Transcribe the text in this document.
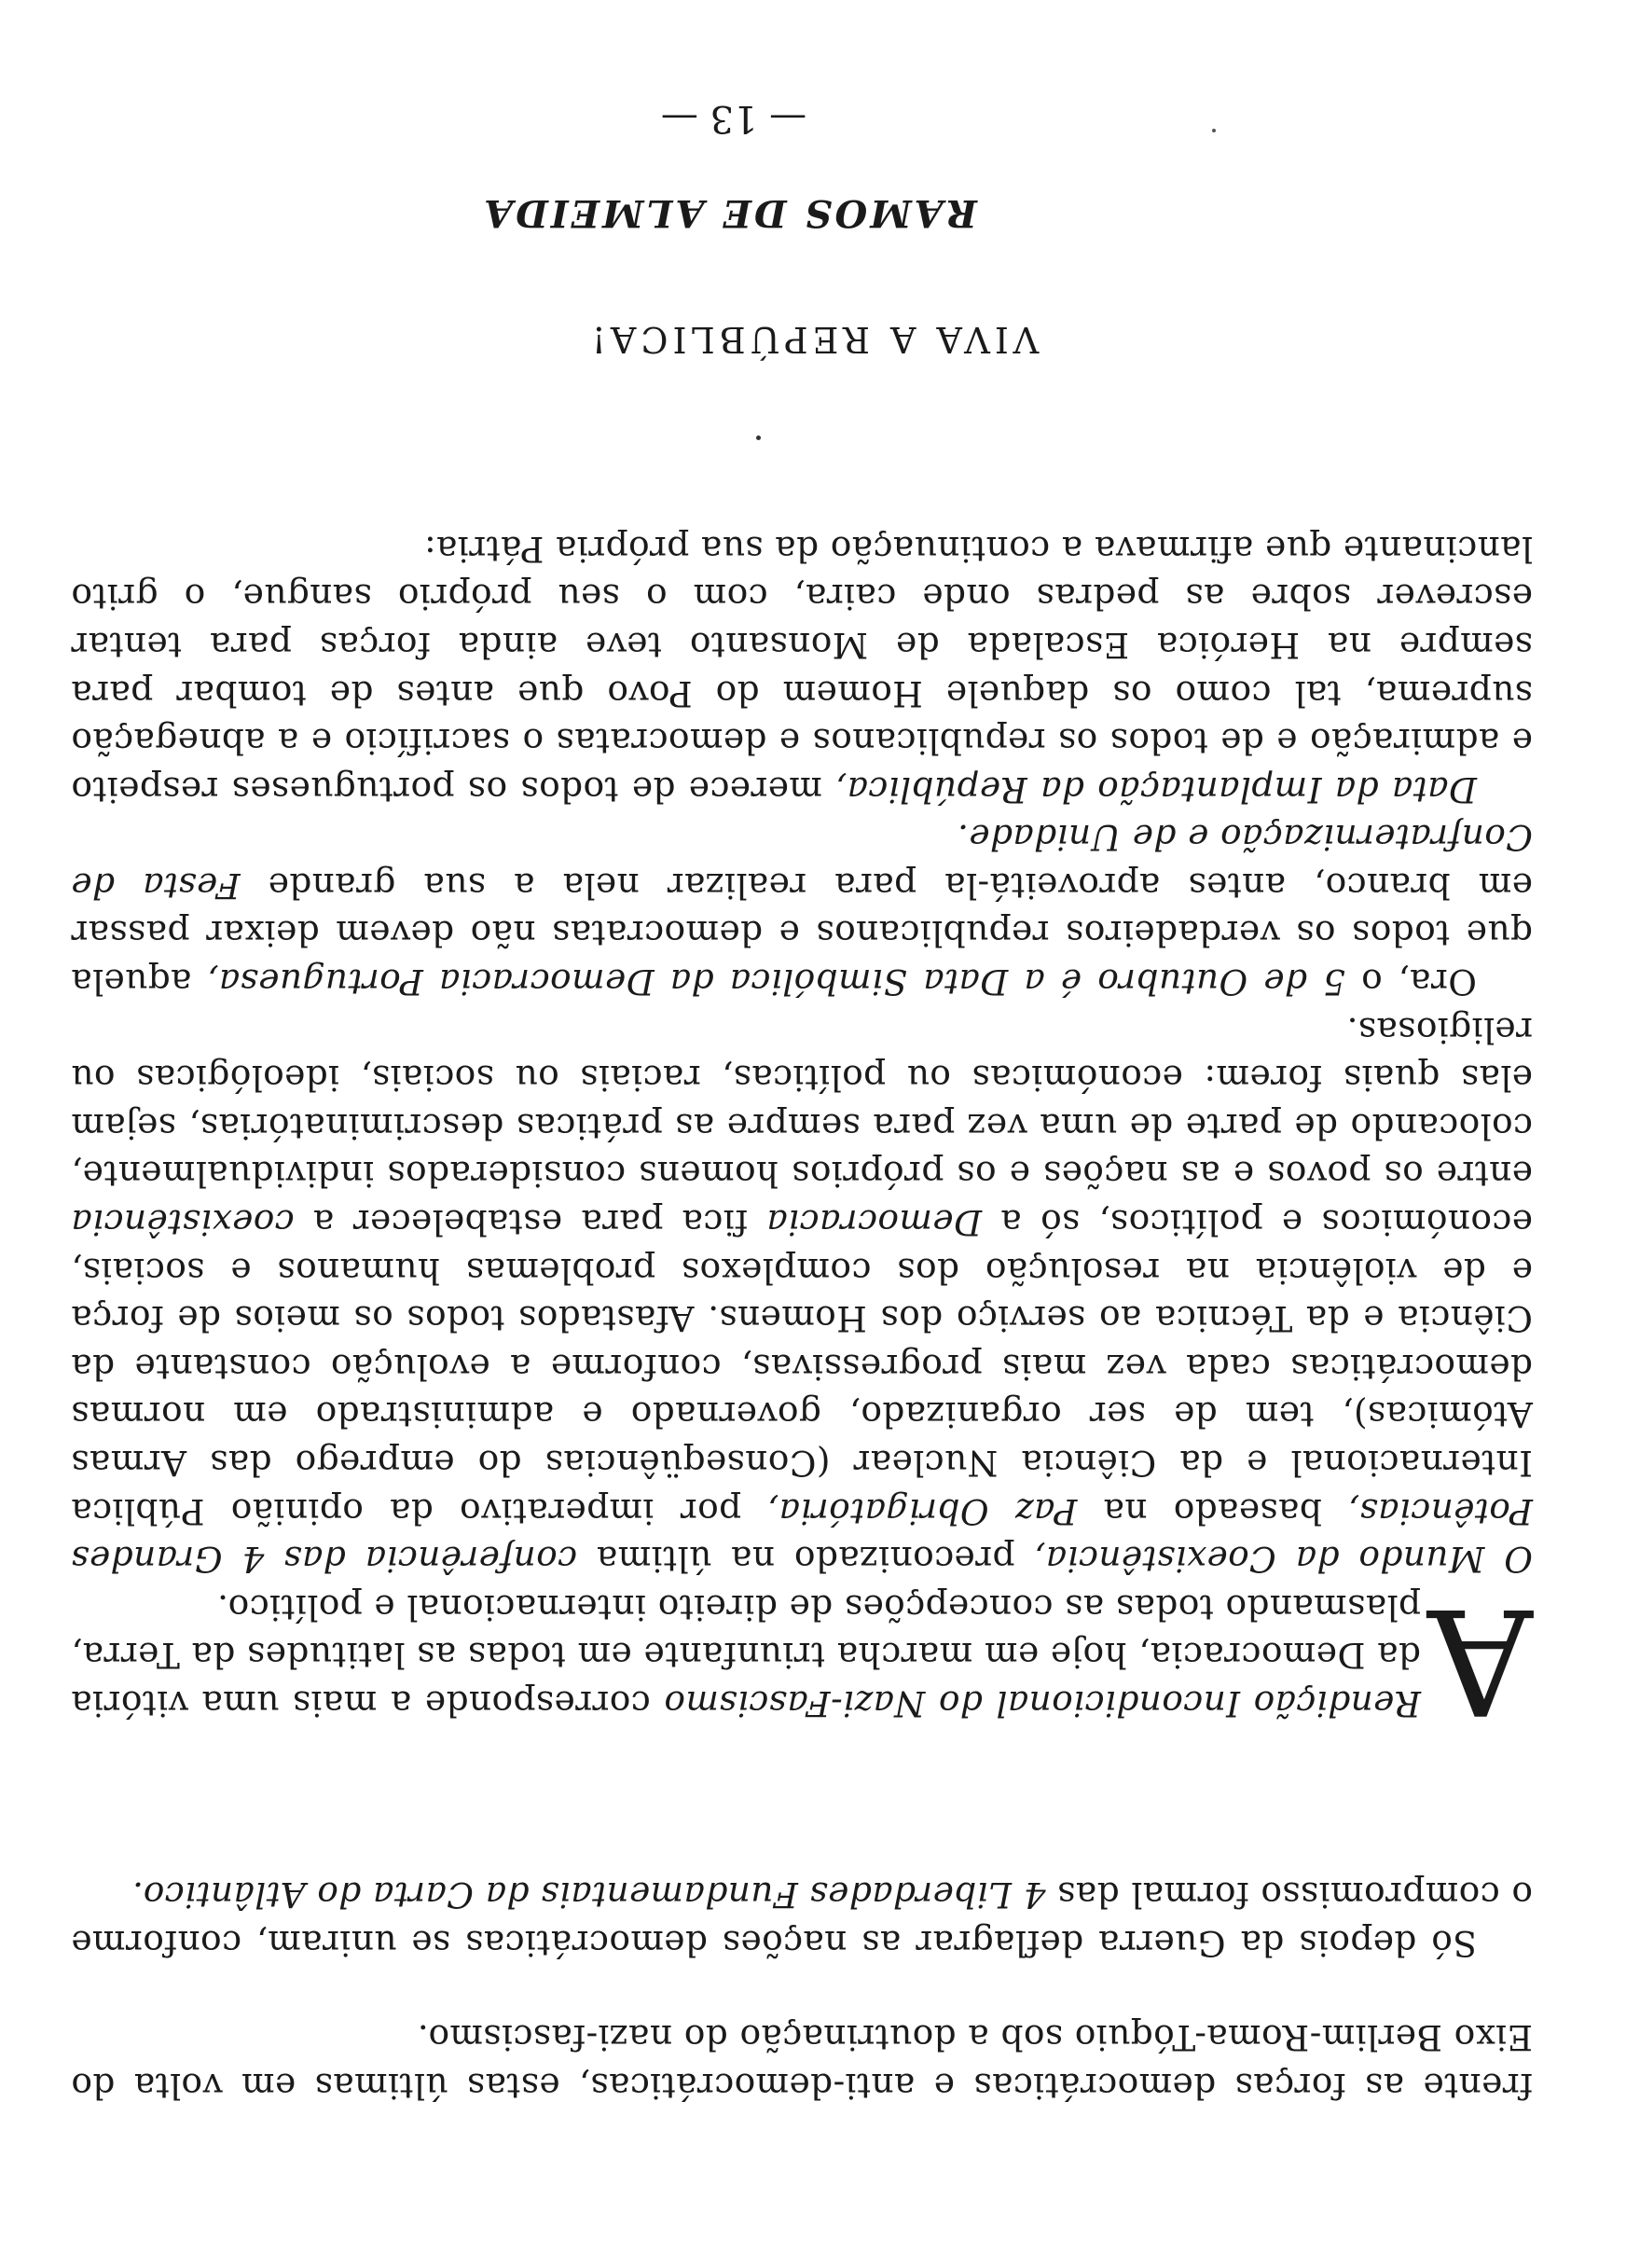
frente as forças democráticas e anti-democráticas, estas últimas em volta do Eixo Berlim-Roma-Tóquio sob a doutrinação do nazi-fascismo.

Só depois da Guerra deflagrar as nações democráticas se uniram, conforme o compromisso formal das 4 Liberdades Fundamentais da Carta do Atlântico.

A

Rendição Incondicional do Nazi-Fascismo corresponde a mais uma vitória da Democracia, hoje em marcha triunfante em todas as latitudes da Terra, plasmando todas as concepções de direito internacional e político.
O Mundo da Coexistência, preconizado na última conferência das 4 Grandes Potências, baseado na Paz Obrigatória, por imperativo da opinião Pública Internacional e da Ciência Nuclear (Conseqüências do emprego das Armas Atómicas), tem de ser organizado, governado e administrado em normas democráticas cada vez mais progressivas, conforme a evolução constante da Ciência e da Técnica ao serviço dos Homens. Afastados todos os meios de força e de violência na resolução dos complexos problemas humanos e sociais, económicos e políticos, só a Democracia fica para estabelecer a coexistência entre os povos e as nações e os próprios homens considerados individualmente, colocando de parte de uma vez para sempre as práticas descriminatórias, sejam elas quais forem: económicas ou políticas, raciais ou sociais, ideológicas ou religiosas.

Ora, o 5 de Outubro é a Data Simbólica da Democracia Portuguesa, aquela que todos os verdadeiros republicanos e democratas não devem deixar passar em branco, antes aproveitá-la para realizar nela a sua grande Festa de Confraternização e de Unidade.

Data da Implantação da República, merece de todos os portugueses respeito e admiração e de todos os republicanos e democratas o sacrifício e a abnegação suprema, tal como os daquele Homem do Povo que antes de tombar para sempre na Heróica Escalada de Monsanto teve ainda forças para tentar escrever sobre as pedras onde caira, com o seu próprio sangue, o grito lancinante que afirmava a continuação da sua própria Pátria:

VIVA A REPÚBLICA!

RAMOS DE ALMEIDA

— 13 —
